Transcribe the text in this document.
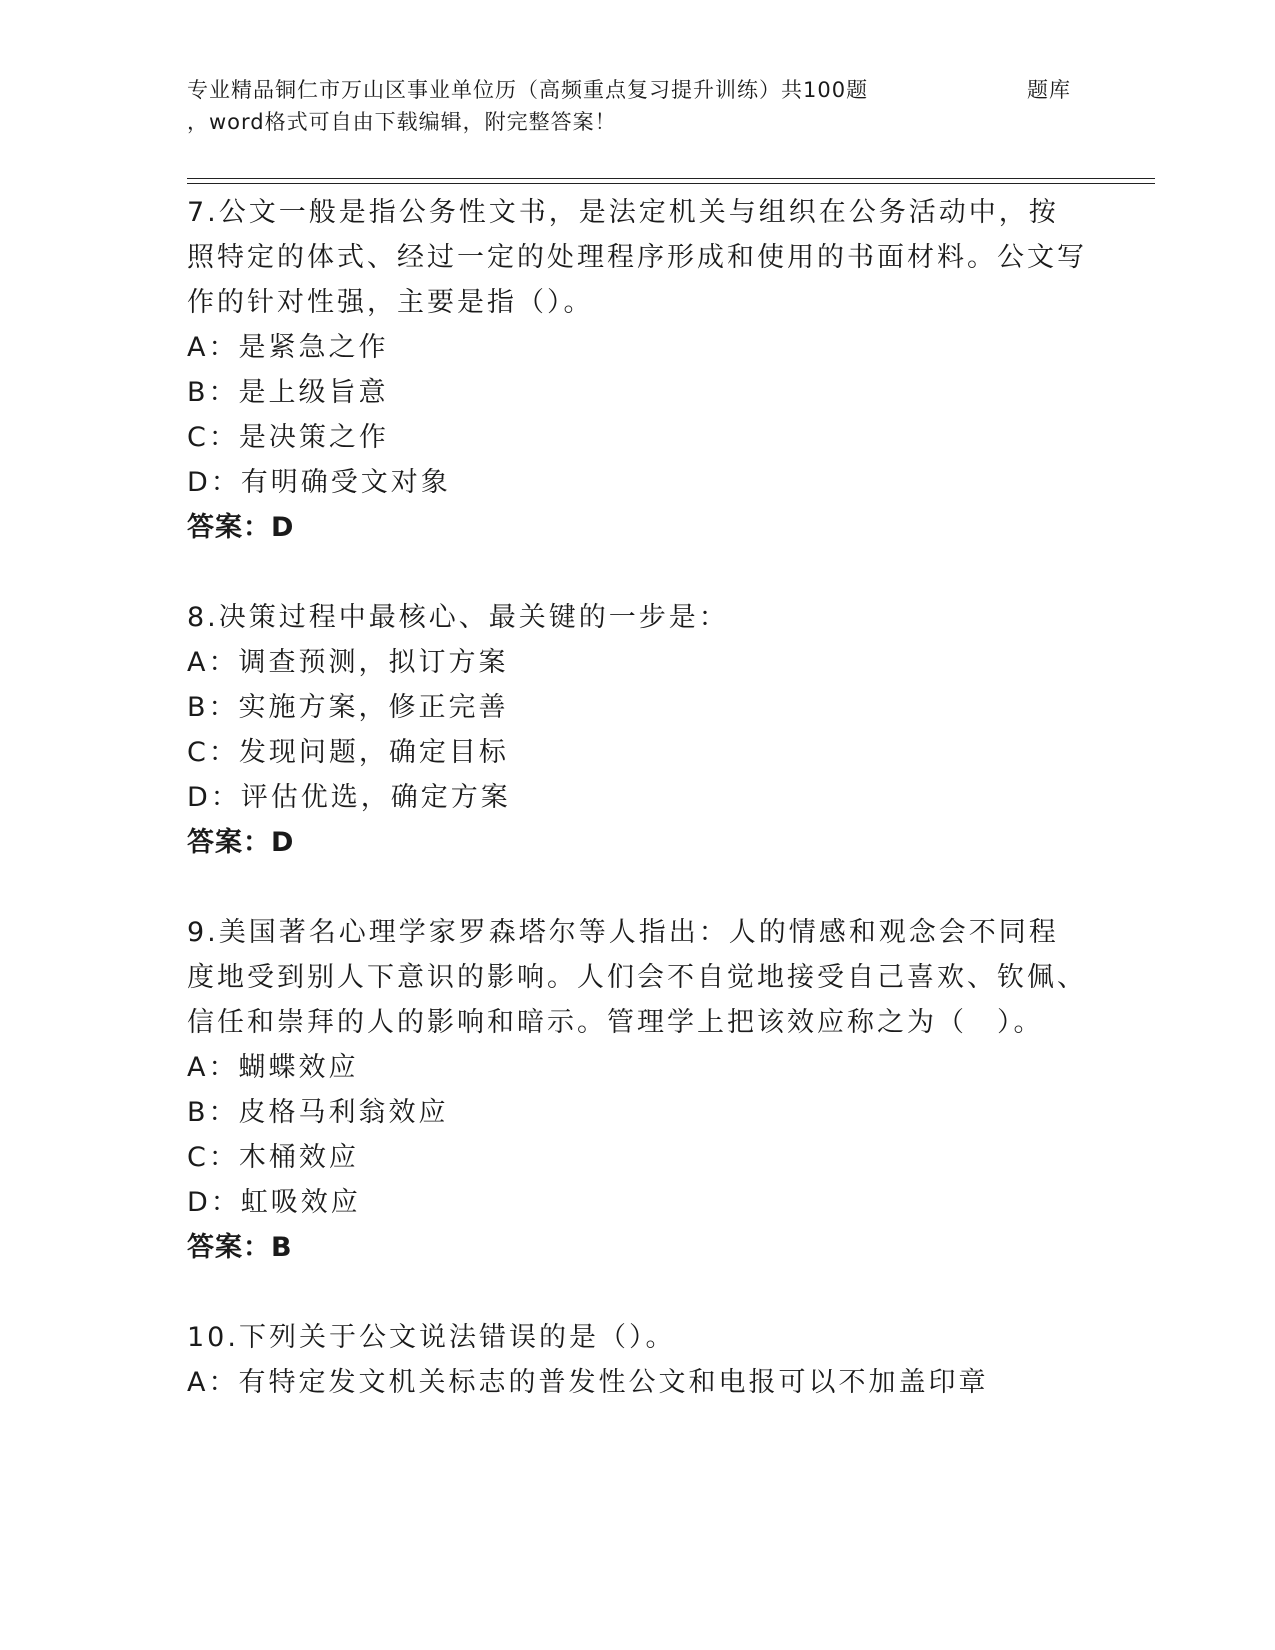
专业精品铜仁市万山区事业单位历（高频重点复习提升训练）共100题	题库
，word格式可自由下载编辑，附完整答案！
7.公文一般是指公务性文书，是法定机关与组织在公务活动中，按照特定的体式、经过一定的处理程序形成和使用的书面材料。公文写作的针对性强，主要是指（）。
A：是紧急之作
B：是上级旨意
C：是决策之作
D：有明确受文对象
答案：D
8.决策过程中最核心、最关键的一步是：
A：调查预测，拟订方案
B：实施方案，修正完善
C：发现问题，确定目标
D：评估优选，确定方案
答案：D
9.美国著名心理学家罗森塔尔等人指出：人的情感和观念会不同程度地受到别人下意识的影响。人们会不自觉地接受自己喜欢、钦佩、信任和崇拜的人的影响和暗示。管理学上把该效应称之为（　）。
A：蝴蝶效应
B：皮格马利翁效应
C：木桶效应
D：虹吸效应
答案：B
10.下列关于公文说法错误的是（）。
A：有特定发文机关标志的普发性公文和电报可以不加盖印章
